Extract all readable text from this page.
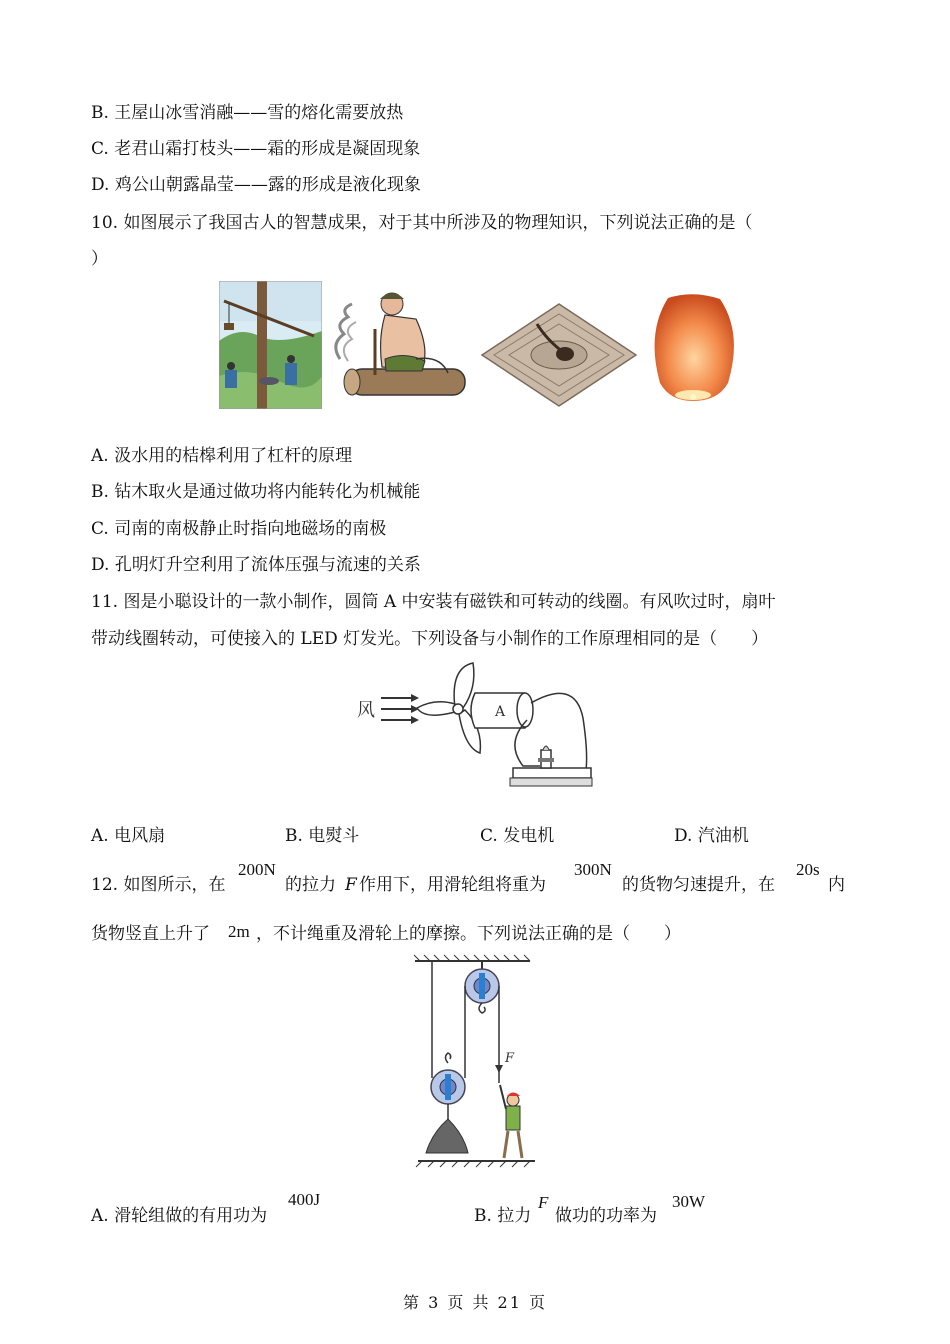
B. 王屋山冰雪消融——雪的熔化需要放热
C. 老君山霜打枝头——霜的形成是凝固现象
D. 鸡公山朝露晶莹——露的形成是液化现象
10. 如图展示了我国古人的智慧成果，对于其中所涉及的物理知识，下列说法正确的是（
）
A. 汲水用的桔槔利用了杠杆的原理
B. 钻木取火是通过做功将内能转化为机械能
C. 司南的南极静止时指向地磁场的南极
D. 孔明灯升空利用了流体压强与流速的关系
11. 图是小聪设计的一款小制作，圆筒 A 中安装有磁铁和可转动的线圈。有风吹过时，扇叶
带动线圈转动，可使接入的 LED 灯发光。下列设备与小制作的工作原理相同的是（　　）
风	A
A. 电风扇	B. 电熨斗	C. 发电机	D. 汽油机
12. 如图所示，在
200N
的拉力 F 作用下，用滑轮组将重为
300N
的货物匀速提升，在
20s
内
货物竖直上升了 2m ，不计绳重及滑轮上的摩擦。下列说法正确的是（　　）
F
A. 滑轮组做的有用功为
400J
B. 拉力
F
做功的功率为
30W
第 3 页 共 21 页
